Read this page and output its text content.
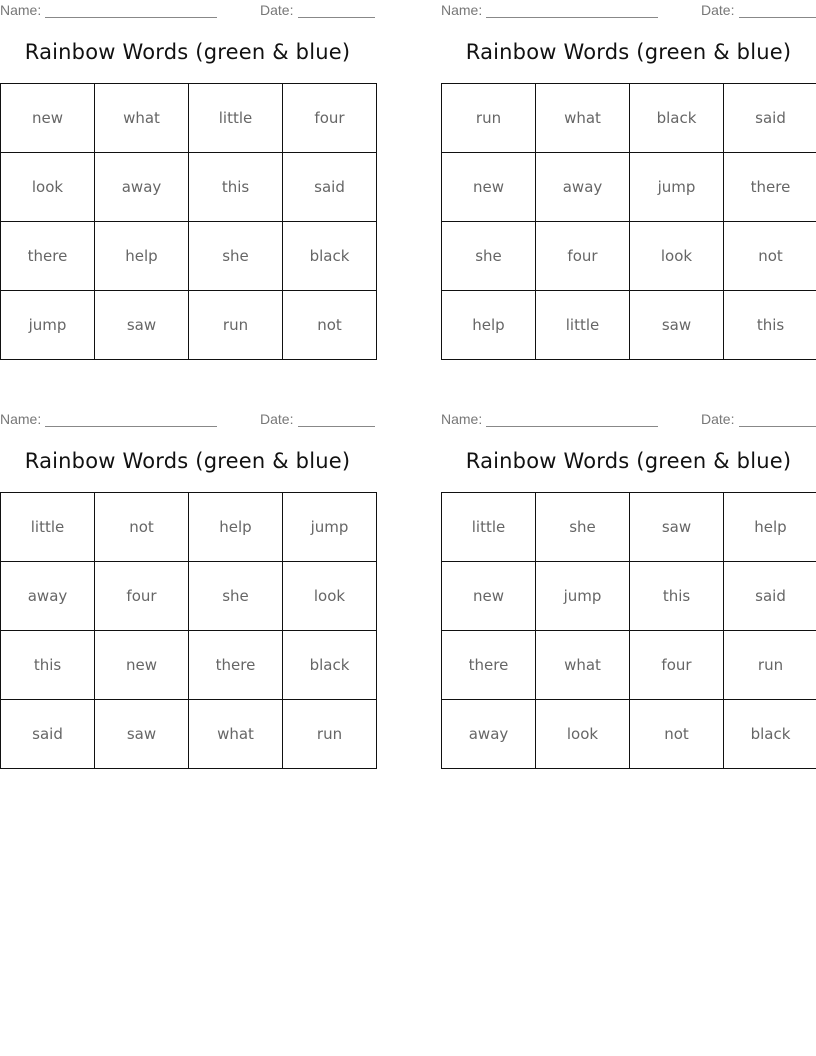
Name:	Date:
Rainbow Words (green & blue)
new	what	little	four
look	away	this	said
there	help	she	black
jump	saw	run	not
Name:	Date:
Rainbow Words (green & blue)
run	what	black	said
new	away	jump	there
she	four	look	not
help	little	saw	this
Name:	Date:
Rainbow Words (green & blue)
little	not	help	jump
away	four	she	look
this	new	there	black
said	saw	what	run
Name:	Date:
Rainbow Words (green & blue)
little	she	saw	help
new	jump	this	said
there	what	four	run
away	look	not	black
